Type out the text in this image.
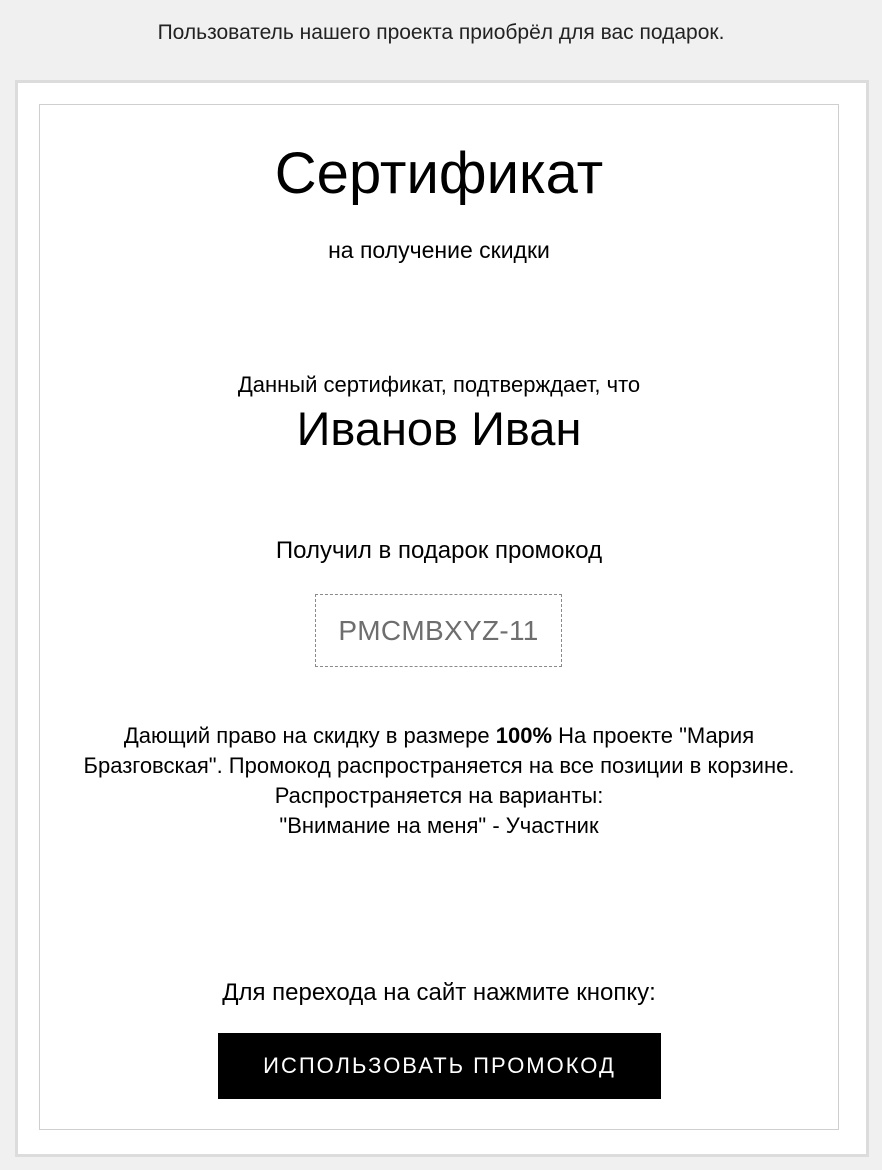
Пользователь нашего проекта приобрёл для вас подарок.
Сертификат
на получение скидки
Данный сертификат, подтверждает, что
Иванов Иван
Получил в подарок промокод
PMCMBXYZ-11
Дающий право на скидку в размере 100% На проекте "Мария Бразговская". Промокод распространяется на все позиции в корзине.
Распространяется на варианты:
"Внимание на меня" - Участник
Для перехода на сайт нажмите кнопку:
ИСПОЛЬЗОВАТЬ ПРОМОКОД
